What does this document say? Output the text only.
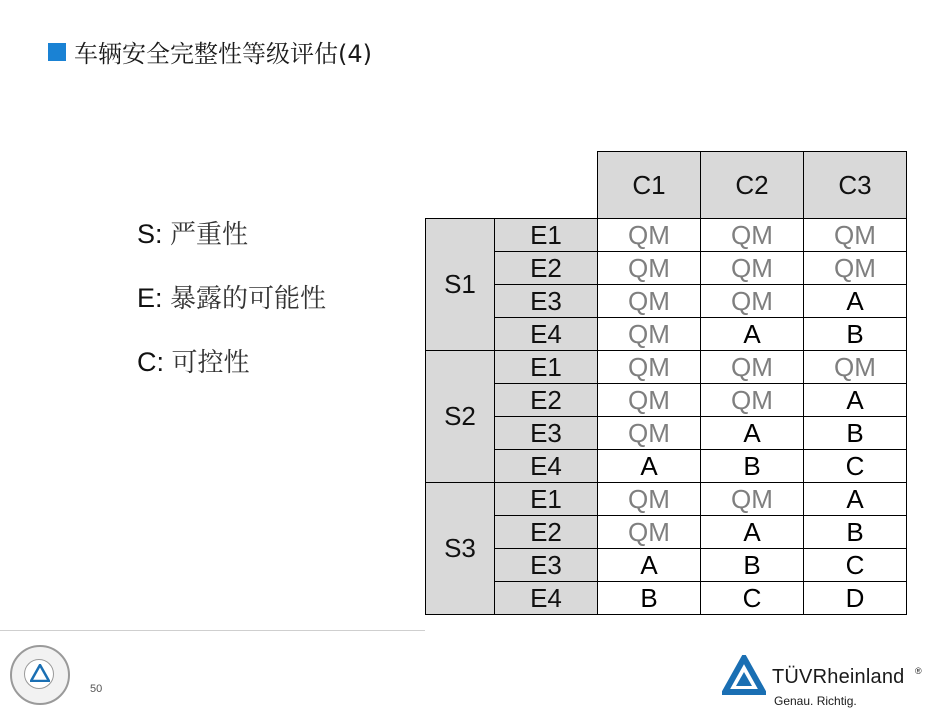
车辆安全完整性等级评估(4)
S: 严重性
E: 暴露的可能性
C: 可控性
		C1	C2	C3
S1	E1	QM	QM	QM
	E2	QM	QM	QM
	E3	QM	QM	A
	E4	QM	A	B
S2	E1	QM	QM	QM
	E2	QM	QM	A
	E3	QM	A	B
	E4	A	B	C
S3	E1	QM	QM	A
	E2	QM	A	B
	E3	A	B	C
	E4	B	C	D
50
TÜVRheinland ®
Genau. Richtig.
